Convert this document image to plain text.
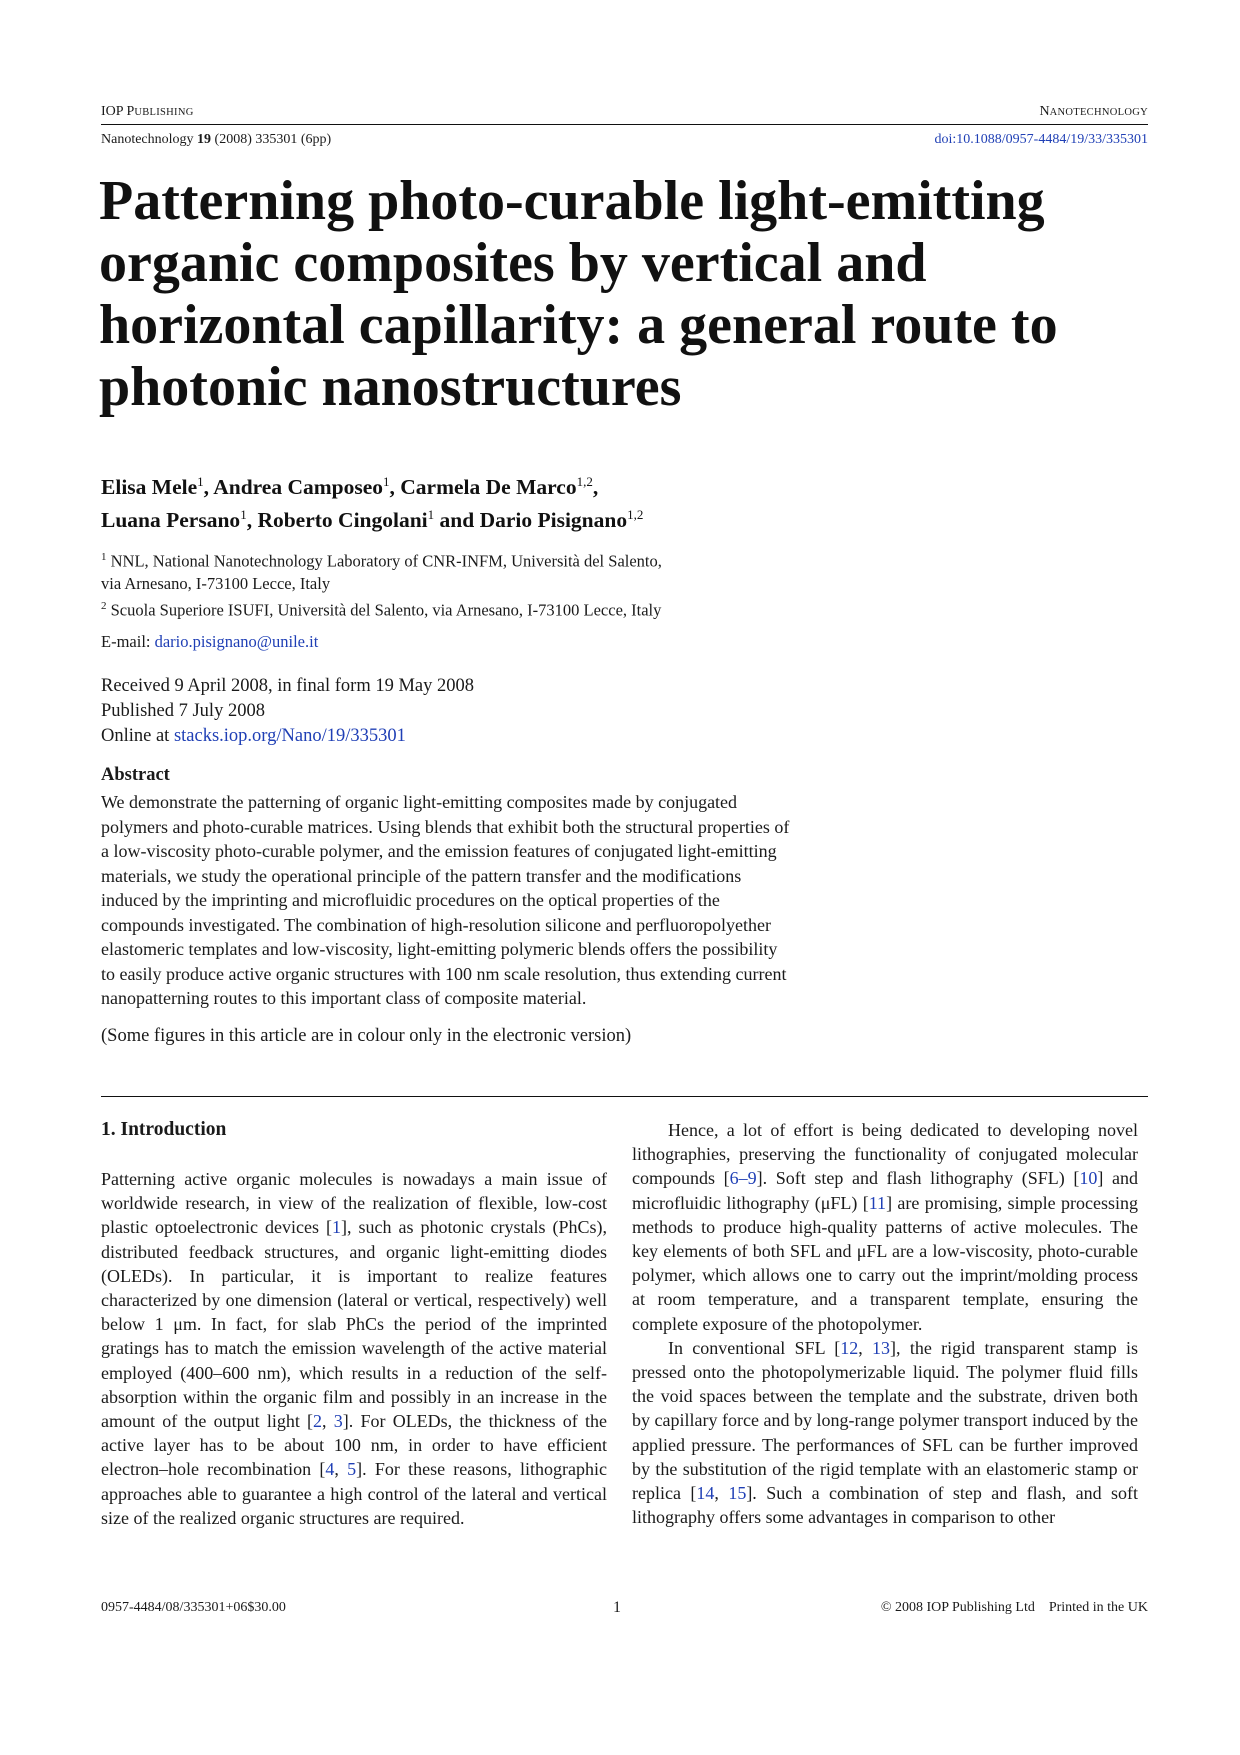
IOP PUBLISHING	NANOTECHNOLOGY
Nanotechnology 19 (2008) 335301 (6pp)	doi:10.1088/0957-4484/19/33/335301
Patterning photo-curable light-emitting organic composites by vertical and horizontal capillarity: a general route to photonic nanostructures
Elisa Mele$^1$, Andrea Camposeo$^1$, Carmela De Marco$^{1,2}$,
Luana Persano$^1$, Roberto Cingolani$^1$ and Dario Pisignano$^{1,2}$
$^1$ NNL, National Nanotechnology Laboratory of CNR-INFM, Università del Salento,
via Arnesano, I-73100 Lecce, Italy
$^2$ Scuola Superiore ISUFI, Università del Salento, via Arnesano, I-73100 Lecce, Italy
E-mail: dario.pisignano@unile.it
Received 9 April 2008, in final form 19 May 2008
Published 7 July 2008
Online at stacks.iop.org/Nano/19/335301
Abstract
We demonstrate the patterning of organic light-emitting composites made by conjugated
polymers and photo-curable matrices. Using blends that exhibit both the structural properties of
a low-viscosity photo-curable polymer, and the emission features of conjugated light-emitting
materials, we study the operational principle of the pattern transfer and the modifications
induced by the imprinting and microfluidic procedures on the optical properties of the
compounds investigated. The combination of high-resolution silicone and perfluoropolyether
elastomeric templates and low-viscosity, light-emitting polymeric blends offers the possibility
to easily produce active organic structures with 100 nm scale resolution, thus extending current
nanopatterning routes to this important class of composite material.
(Some figures in this article are in colour only in the electronic version)
1. Introduction

Patterning active organic molecules is nowadays a main issue of worldwide research, in view of the realization of flexible, low-cost plastic optoelectronic devices [1], such as photonic crystals (PhCs), distributed feedback structures, and organic light-emitting diodes (OLEDs). In particular, it is important to realize features characterized by one dimension (lateral or vertical, respectively) well below 1 μm. In fact, for slab PhCs the period of the imprinted gratings has to match the emission wavelength of the active material employed (400–600 nm), which results in a reduction of the self-absorption within the organic film and possibly in an increase in the amount of the output light [2, 3]. For OLEDs, the thickness of the active layer has to be about 100 nm, in order to have efficient electron–hole recombination [4, 5]. For these reasons, lithographic approaches able to guarantee a high control of the lateral and vertical size of the realized organic structures are required.

Hence, a lot of effort is being dedicated to developing novel lithographies, preserving the functionality of conjugated molecular compounds [6–9]. Soft step and flash lithography (SFL) [10] and microfluidic lithography (μFL) [11] are promising, simple processing methods to produce high-quality patterns of active molecules. The key elements of both SFL and μFL are a low-viscosity, photo-curable polymer, which allows one to carry out the imprint/molding process at room temperature, and a transparent template, ensuring the complete exposure of the photopolymer.

In conventional SFL [12, 13], the rigid transparent stamp is pressed onto the photopolymerizable liquid. The polymer fluid fills the void spaces between the template and the substrate, driven both by capillary force and by long-range polymer transport induced by the applied pressure. The performances of SFL can be further improved by the substitution of the rigid template with an elastomeric stamp or replica [14, 15]. Such a combination of step and flash, and soft lithography offers some advantages in comparison to other

0957-4484/08/335301+06$30.00	1	© 2008 IOP Publishing Ltd    Printed in the UK
